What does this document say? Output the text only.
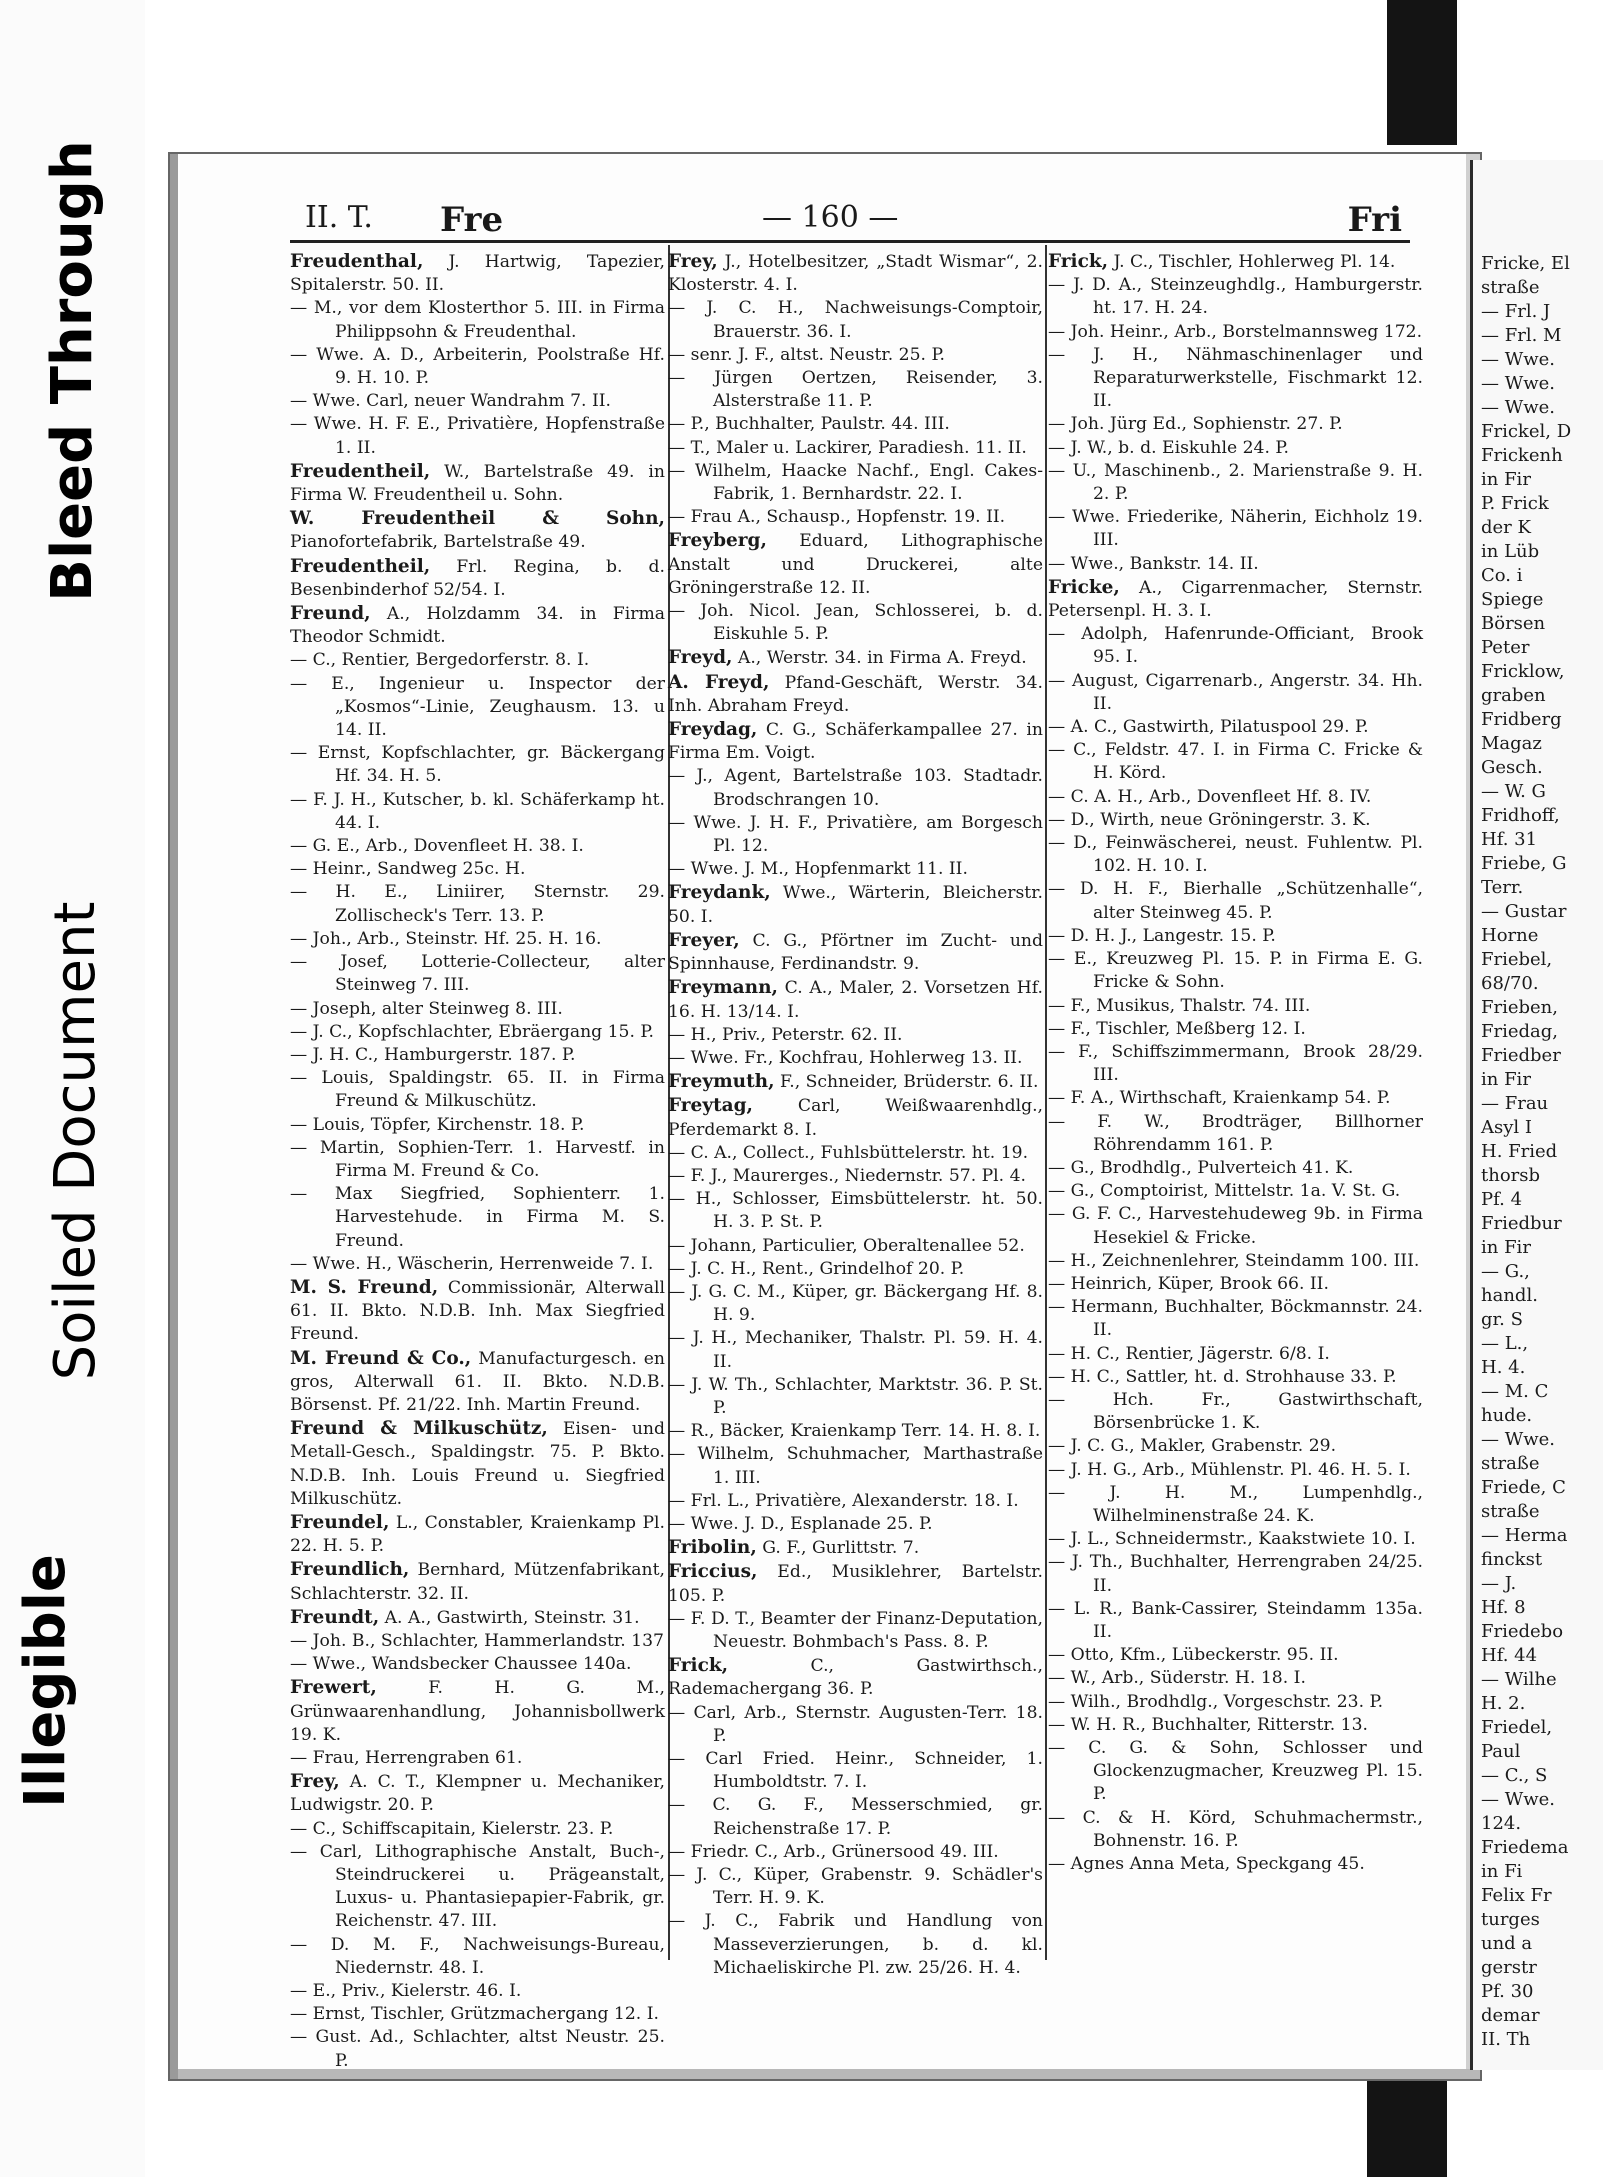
Bleed Through
Soiled Document
Illegible
Fricke, El
straße
— Frl. J
— Frl. M
— Wwe.
— Wwe.
— Wwe.
Frickel, D
Frickenh
in Fir
P. Frick
der K
in Lüb
Co. i
Spiege
Börsen
Peter
Fricklow,
graben
Fridberg
Magaz
Gesch.
— W. G
Fridhoff,
Hf. 31
Friebe, G
Terr.
— Gustar
Horne
Friebel,
68/70.
Frieben,
Friedag,
Friedber
in Fir
— Frau
Asyl I
H. Fried
thorsb
Pf. 4
Friedbur
in Fir
— G.,
handl.
gr. S
— L.,
H. 4.
— M. C
hude.
— Wwe.
straße
Friede, C
straße
— Herma
finckst
— J.
Hf. 8
Friedebo
Hf. 44
— Wilhe
H. 2.
Friedel,
Paul
— C., S
— Wwe.
124.
Friedema
in Fi
Felix Fr
turges
und a
gerstr
Pf. 30
demar
II. Th
II. T. Fre	— 160 —	Fri

Freudenthal, J. Hartwig, Tapezier, Spitalerstr. 50. II.

— M., vor dem Klosterthor 5. III. in Firma Philippsohn & Freudenthal.

— Wwe. A. D., Arbeiterin, Poolstraße Hf. 9. H. 10. P.

— Wwe. Carl, neuer Wandrahm 7. II.

— Wwe. H. F. E., Privatière, Hopfenstraße 1. II.

Freudentheil, W., Bartelstraße 49. in Firma W. Freudentheil u. Sohn.

W. Freudentheil & Sohn, Pianofortefabrik, Bartelstraße 49.

Freudentheil, Frl. Regina, b. d. Besenbinderhof 52/54. I.

Freund, A., Holzdamm 34. in Firma Theodor Schmidt.

— C., Rentier, Bergedorferstr. 8. I.

— E., Ingenieur u. Inspector der „Kosmos“-Linie, Zeughausm. 13. u 14. II.

— Ernst, Kopfschlachter, gr. Bäckergang Hf. 34. H. 5.

— F. J. H., Kutscher, b. kl. Schäferkamp ht. 44. I.

— G. E., Arb., Dovenfleet H. 38. I.

— Heinr., Sandweg 25c. H.

— H. E., Liniirer, Sternstr. 29. Zollischeck's Terr. 13. P.

— Joh., Arb., Steinstr. Hf. 25. H. 16.

— Josef, Lotterie-Collecteur, alter Steinweg 7. III.

— Joseph, alter Steinweg 8. III.

— J. C., Kopfschlachter, Ebräergang 15. P.

— J. H. C., Hamburgerstr. 187. P.

— Louis, Spaldingstr. 65. II. in Firma Freund & Milkuschütz.

— Louis, Töpfer, Kirchenstr. 18. P.

— Martin, Sophien-Terr. 1. Harvestf. in Firma M. Freund & Co.

— Max Siegfried, Sophienterr. 1. Harvestehude. in Firma M. S. Freund.

— Wwe. H., Wäscherin, Herrenweide 7. I.

M. S. Freund, Commissionär, Alterwall 61. II. Bkto. N.D.B. Inh. Max Siegfried Freund.

M. Freund & Co., Manufacturgesch. en gros, Alterwall 61. II. Bkto. N.D.B. Börsenst. Pf. 21/22. Inh. Martin Freund.

Freund & Milkuschütz, Eisen- und Metall-Gesch., Spaldingstr. 75. P. Bkto. N.D.B. Inh. Louis Freund u. Siegfried Milkuschütz.

Freundel, L., Constabler, Kraienkamp Pl. 22. H. 5. P.

Freundlich, Bernhard, Mützenfabrikant, Schlachterstr. 32. II.

Freundt, A. A., Gastwirth, Steinstr. 31.

— Joh. B., Schlachter, Hammerlandstr. 137

— Wwe., Wandsbecker Chaussee 140a.

Frewert, F. H. G. M., Grünwaarenhandlung, Johannisbollwerk 19. K.

— Frau, Herrengraben 61.

Frey, A. C. T., Klempner u. Mechaniker, Ludwigstr. 20. P.

— C., Schiffscapitain, Kielerstr. 23. P.

— Carl, Lithographische Anstalt, Buch-, Steindruckerei u. Prägeanstalt, Luxus- u. Phantasiepapier-Fabrik, gr. Reichenstr. 47. III.

— D. M. F., Nachweisungs-Bureau, Niedernstr. 48. I.

— E., Priv., Kielerstr. 46. I.

— Ernst, Tischler, Grützmachergang 12. I.

— Gust. Ad., Schlachter, altst Neustr. 25. P.

Frey, J., Hotelbesitzer, „Stadt Wismar“, 2. Klosterstr. 4. I.

— J. C. H., Nachweisungs-Comptoir, Brauerstr. 36. I.

— senr. J. F., altst. Neustr. 25. P.

— Jürgen Oertzen, Reisender, 3. Alsterstraße 11. P.

— P., Buchhalter, Paulstr. 44. III.

— T., Maler u. Lackirer, Paradiesh. 11. II.

— Wilhelm, Haacke Nachf., Engl. Cakes-Fabrik, 1. Bernhardstr. 22. I.

— Frau A., Schausp., Hopfenstr. 19. II.

Freyberg, Eduard, Lithographische Anstalt und Druckerei, alte Gröningerstraße 12. II.

— Joh. Nicol. Jean, Schlosserei, b. d. Eiskuhle 5. P.

Freyd, A., Werstr. 34. in Firma A. Freyd.

A. Freyd, Pfand-Geschäft, Werstr. 34. Inh. Abraham Freyd.

Freydag, C. G., Schäferkampallee 27. in Firma Em. Voigt.

— J., Agent, Bartelstraße 103. Stadtadr. Brodschrangen 10.

— Wwe. J. H. F., Privatière, am Borgesch Pl. 12.

— Wwe. J. M., Hopfenmarkt 11. II.

Freydank, Wwe., Wärterin, Bleicherstr. 50. I.

Freyer, C. G., Pförtner im Zucht- und Spinnhause, Ferdinandstr. 9.

Freymann, C. A., Maler, 2. Vorsetzen Hf. 16. H. 13/14. I.

— H., Priv., Peterstr. 62. II.

— Wwe. Fr., Kochfrau, Hohlerweg 13. II.

Freymuth, F., Schneider, Brüderstr. 6. II.

Freytag, Carl, Weißwaarenhdlg., Pferdemarkt 8. I.

— C. A., Collect., Fuhlsbüttelerstr. ht. 19.

— F. J., Maurerges., Niedernstr. 57. Pl. 4.

— H., Schlosser, Eimsbüttelerstr. ht. 50. H. 3. P. St. P.

— Johann, Particulier, Oberaltenallee 52.

— J. C. H., Rent., Grindelhof 20. P.

— J. G. C. M., Küper, gr. Bäckergang Hf. 8. H. 9.

— J. H., Mechaniker, Thalstr. Pl. 59. H. 4. II.

— J. W. Th., Schlachter, Marktstr. 36. P. St. P.

— R., Bäcker, Kraienkamp Terr. 14. H. 8. I.

— Wilhelm, Schuhmacher, Marthastraße 1. III.

— Frl. L., Privatière, Alexanderstr. 18. I.

— Wwe. J. D., Esplanade 25. P.

Fribolin, G. F., Gurlittstr. 7.

Friccius, Ed., Musiklehrer, Bartelstr. 105. P.

— F. D. T., Beamter der Finanz-Deputation, Neuestr. Bohmbach's Pass. 8. P.

Frick, C., Gastwirthsch., Rademachergang 36. P.

— Carl, Arb., Sternstr. Augusten-Terr. 18. P.

— Carl Fried. Heinr., Schneider, 1. Humboldtstr. 7. I.

— C. G. F., Messerschmied, gr. Reichenstraße 17. P.

— Friedr. C., Arb., Grünersood 49. III.

— J. C., Küper, Grabenstr. 9. Schädler's Terr. H. 9. K.

— J. C., Fabrik und Handlung von Masseverzierungen, b. d. kl. Michaeliskirche Pl. zw. 25/26. H. 4.

Frick, J. C., Tischler, Hohlerweg Pl. 14.

— J. D. A., Steinzeughdlg., Hamburgerstr. ht. 17. H. 24.

— Joh. Heinr., Arb., Borstelmannsweg 172.

— J. H., Nähmaschinenlager und Reparaturwerkstelle, Fischmarkt 12. II.

— Joh. Jürg Ed., Sophienstr. 27. P.

— J. W., b. d. Eiskuhle 24. P.

— U., Maschinenb., 2. Marienstraße 9. H. 2. P.

— Wwe. Friederike, Näherin, Eichholz 19. III.

— Wwe., Bankstr. 14. II.

Fricke, A., Cigarrenmacher, Sternstr. Petersenpl. H. 3. I.

— Adolph, Hafenrunde-Officiant, Brook 95. I.

— August, Cigarrenarb., Angerstr. 34. Hh. II.

— A. C., Gastwirth, Pilatuspool 29. P.

— C., Feldstr. 47. I. in Firma C. Fricke & H. Körd.

— C. A. H., Arb., Dovenfleet Hf. 8. IV.

— D., Wirth, neue Gröningerstr. 3. K.

— D., Feinwäscherei, neust. Fuhlentw. Pl. 102. H. 10. I.

— D. H. F., Bierhalle „Schützenhalle“, alter Steinweg 45. P.

— D. H. J., Langestr. 15. P.

— E., Kreuzweg Pl. 15. P. in Firma E. G. Fricke & Sohn.

— F., Musikus, Thalstr. 74. III.

— F., Tischler, Meßberg 12. I.

— F., Schiffszimmermann, Brook 28/29. III.

— F. A., Wirthschaft, Kraienkamp 54. P.

— F. W., Brodträger, Billhorner Röhrendamm 161. P.

— G., Brodhdlg., Pulverteich 41. K.

— G., Comptoirist, Mittelstr. 1a. V. St. G.

— G. F. C., Harvestehudeweg 9b. in Firma Hesekiel & Fricke.

— H., Zeichnenlehrer, Steindamm 100. III.

— Heinrich, Küper, Brook 66. II.

— Hermann, Buchhalter, Böckmannstr. 24. II.

— H. C., Rentier, Jägerstr. 6/8. I.

— H. C., Sattler, ht. d. Strohhause 33. P.

— Hch. Fr., Gastwirthschaft, Börsenbrücke 1. K.

— J. C. G., Makler, Grabenstr. 29.

— J. H. G., Arb., Mühlenstr. Pl. 46. H. 5. I.

— J. H. M., Lumpenhdlg., Wilhelminenstraße 24. K.

— J. L., Schneidermstr., Kaakstwiete 10. I.

— J. Th., Buchhalter, Herrengraben 24/25. II.

— L. R., Bank-Cassirer, Steindamm 135a. II.

— Otto, Kfm., Lübeckerstr. 95. II.

— W., Arb., Süderstr. H. 18. I.

— Wilh., Brodhdlg., Vorgeschstr. 23. P.

— W. H. R., Buchhalter, Ritterstr. 13.

— C. G. & Sohn, Schlosser und Glockenzugmacher, Kreuzweg Pl. 15. P.

— C. & H. Körd, Schuhmachermstr., Bohnenstr. 16. P.

— Agnes Anna Meta, Speckgang 45.
